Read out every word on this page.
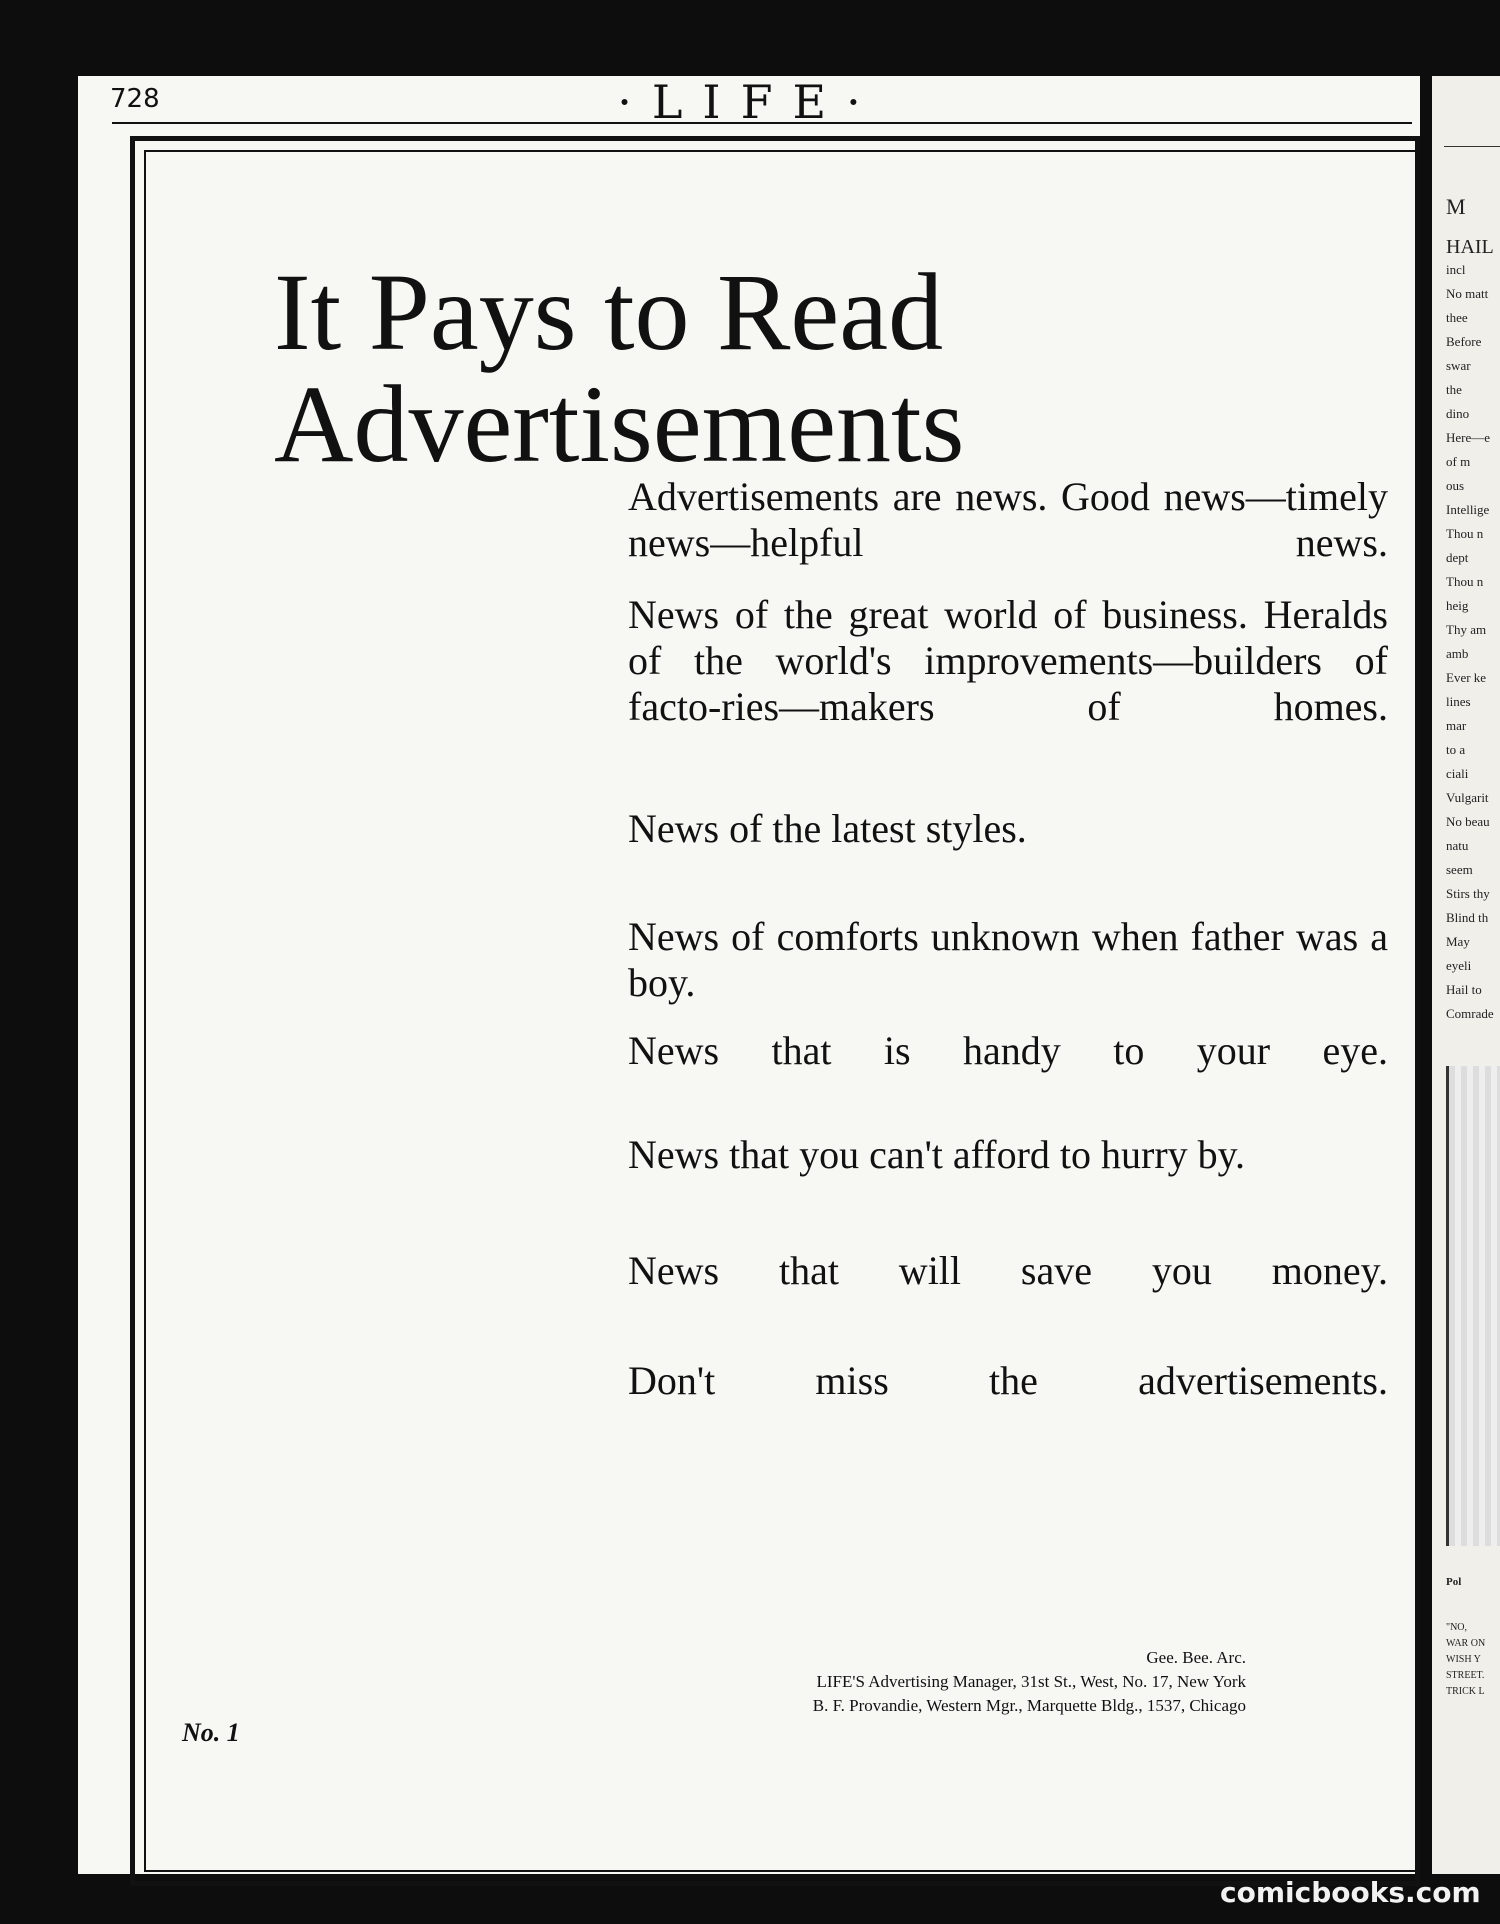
728	·LIFE·
It Pays to Read
Advertisements
Advertisements are news. Good news—timely news—helpful news.
News of the great world of business. Heralds of the world's improvements—builders of facto-ries—makers of homes.
News of the latest styles.
News of comforts unknown when father was a boy.
News that is handy to your eye.
News that you can't afford to hurry by.
News that will save you money.
Don't miss the advertisements.
Gee. Bee. Arc.
LIFE'S Advertising Manager, 31st St., West, No. 17, New York
B. F. Provandie, Western Mgr., Marquette Bldg., 1537, Chicago
No. 1
M
HAIL
incl
No matt
thee
Before
swar
the
dino
Here—e
of m
ous
Intellige
Thou n
dept
Thou n
heig
Thy am
amb
Ever ke
lines
mar
to a
ciali
Vulgarit
No beau
natu
seem
Stirs thy
Blind th
May
eyeli
Hail to
Comrade
Pol
"NO,
WAR ON
WISH Y
STREET.
TRICK L
comicbooks.com
